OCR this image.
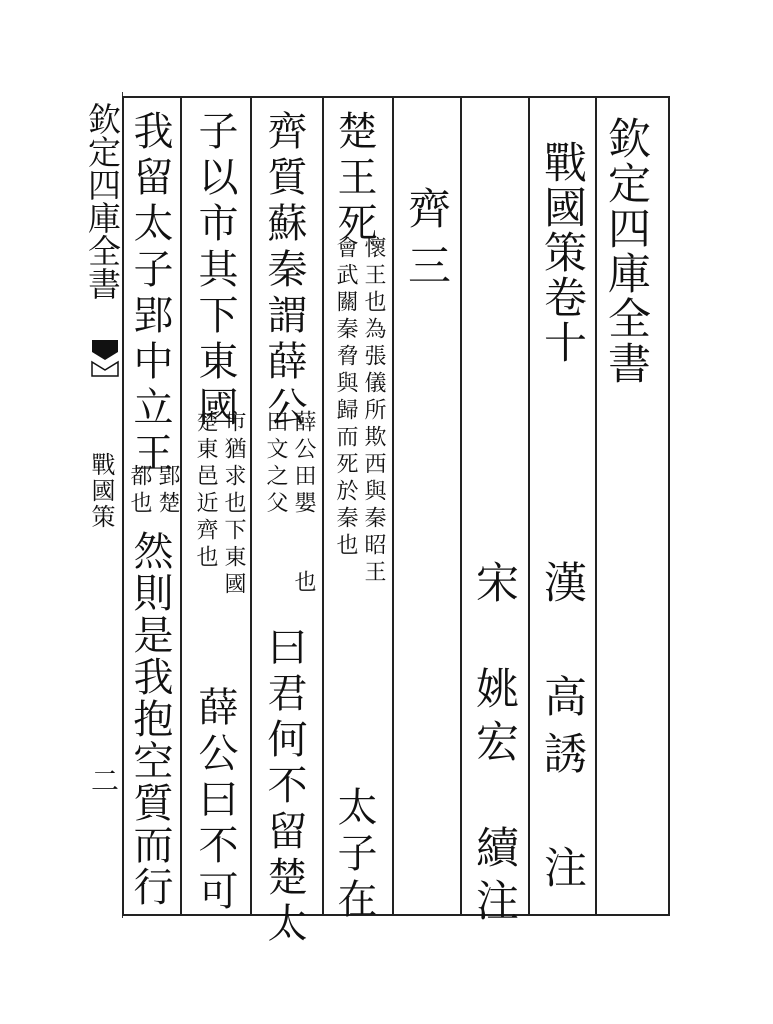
欽定四庫全書
戰國策
二
欽定四庫全書
戰國策卷十
漢　高誘　注
宋　姚宏　續注
齊三
楚王死
懷王也為張儀所欺西與秦昭王
會武關秦脅與歸而死於秦也
太子在
齊質蘇秦謂薛公
薛公田嬰
田文之父
也
曰君何不留楚太
子以市其下東國
市猶求也下東國
楚東邑近齊也
薛公曰不可
我留太子郢中立王
郢楚
都也
然則是我抱空質而行
